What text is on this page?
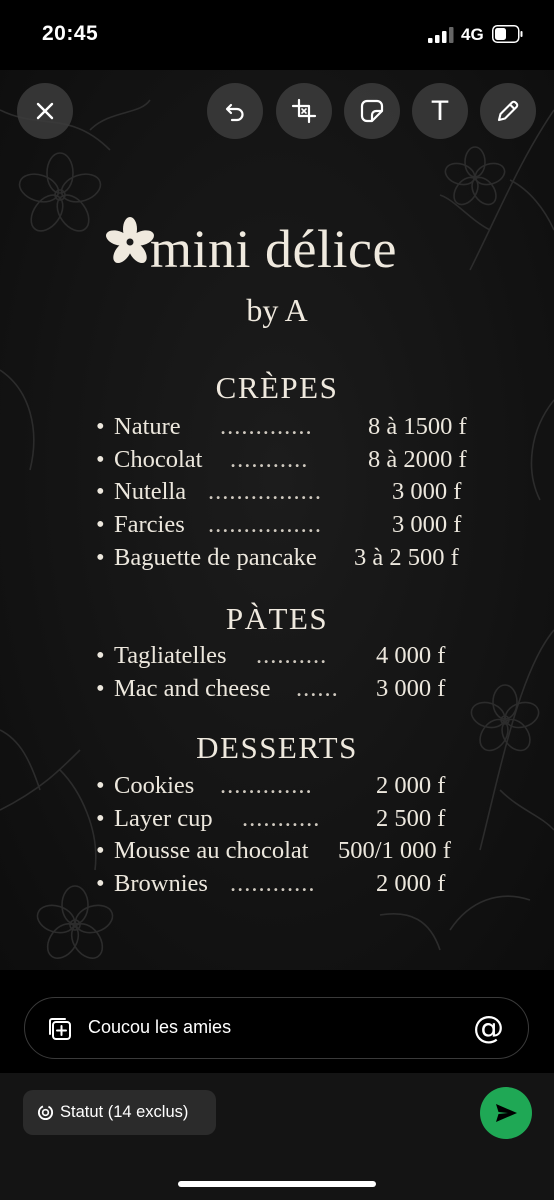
20:45	4G
mini délice
by A
CRÈPES
• Nature ............. 8 à 1500 f
• Chocolat ........... 8 à 2000 f
• Nutella ................	3 000 f
• Farcies ................	3 000 f
• Baguette de pancake 3 à 2 500 f
PÀTES
• Tagliatelles .......... 4 000 f
• Mac and cheese ...... 3 000 f
DESSERTS
• Cookies .............	2 000 f
• Layer cup ........... 2 500 f
• Mousse au chocolat 500/1 000 f
• Brownies ............ 2 000 f
T
Coucou les amies	@
Statut (14 exclus)
